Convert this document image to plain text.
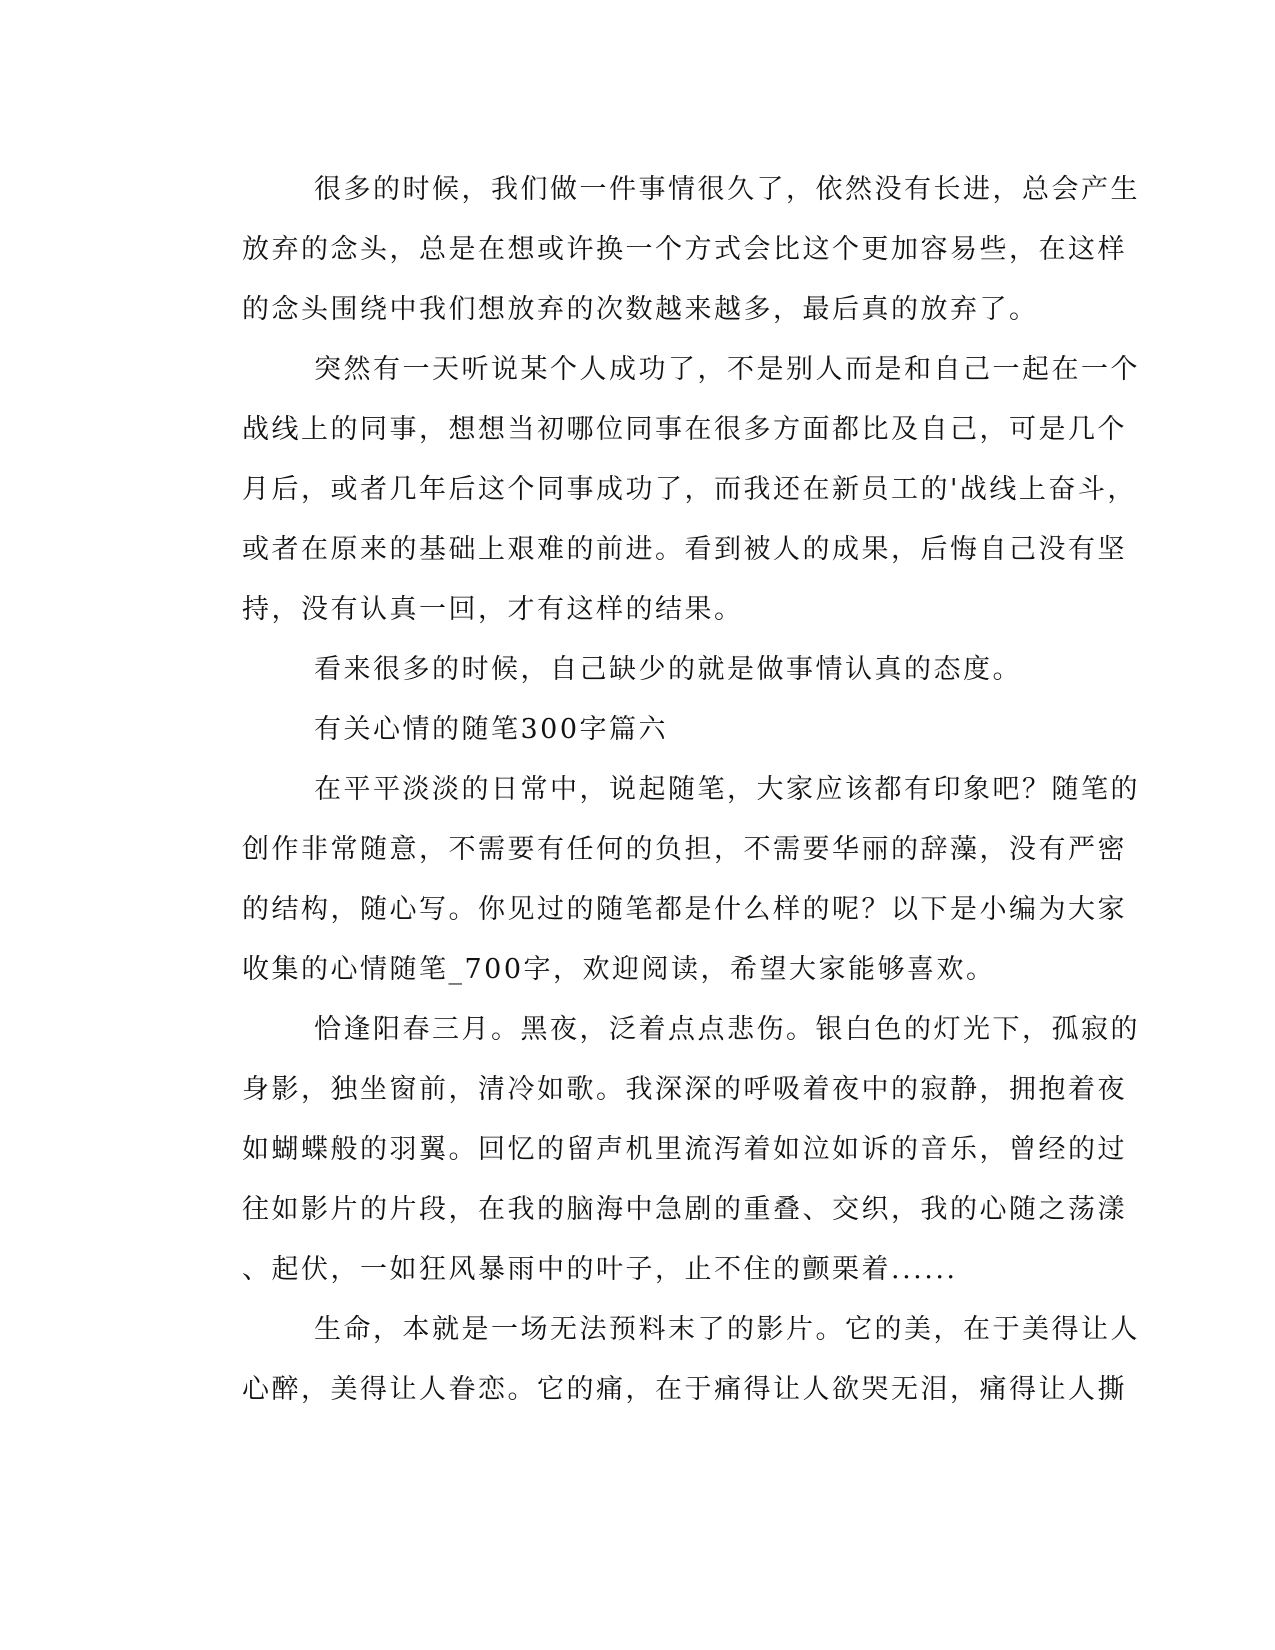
很多的时候，我们做一件事情很久了，依然没有长进，总会产生
放弃的念头，总是在想或许换一个方式会比这个更加容易些，在这样
的念头围绕中我们想放弃的次数越来越多，最后真的放弃了。
突然有一天听说某个人成功了，不是别人而是和自己一起在一个
战线上的同事，想想当初哪位同事在很多方面都比及自己，可是几个
月后，或者几年后这个同事成功了，而我还在新员工的'战线上奋斗，
或者在原来的基础上艰难的前进。看到被人的成果，后悔自己没有坚
持，没有认真一回，才有这样的结果。
看来很多的时候，自己缺少的就是做事情认真的态度。
有关心情的随笔300字篇六
在平平淡淡的日常中，说起随笔，大家应该都有印象吧？随笔的
创作非常随意，不需要有任何的负担，不需要华丽的辞藻，没有严密
的结构，随心写。你见过的随笔都是什么样的呢？以下是小编为大家
收集的心情随笔_700字，欢迎阅读，希望大家能够喜欢。
恰逢阳春三月。黑夜，泛着点点悲伤。银白色的灯光下，孤寂的
身影，独坐窗前，清冷如歌。我深深的呼吸着夜中的寂静，拥抱着夜
如蝴蝶般的羽翼。回忆的留声机里流泻着如泣如诉的音乐，曾经的过
往如影片的片段，在我的脑海中急剧的重叠、交织，我的心随之荡漾
、起伏，一如狂风暴雨中的叶子，止不住的颤栗着......
生命，本就是一场无法预料末了的影片。它的美，在于美得让人
心醉，美得让人眷恋。它的痛，在于痛得让人欲哭无泪，痛得让人撕
